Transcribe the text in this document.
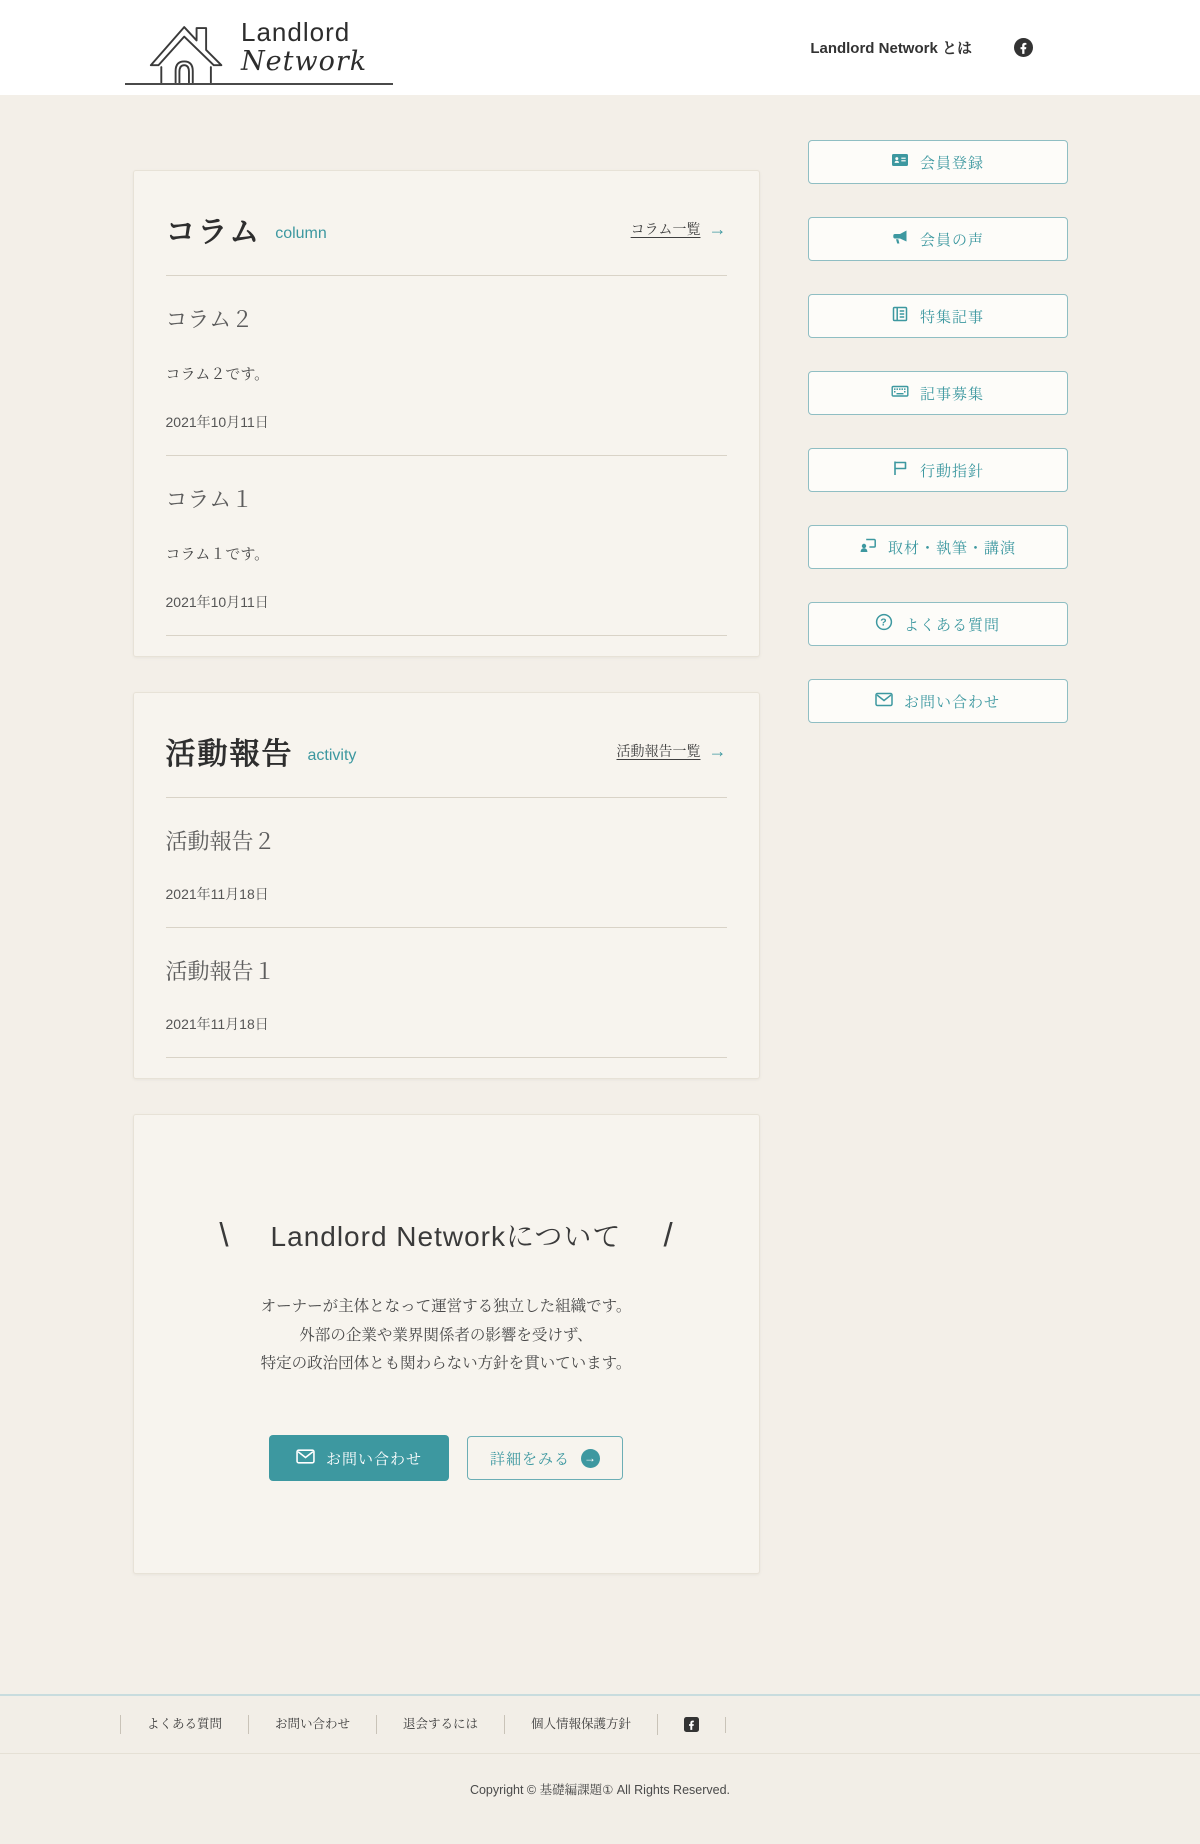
Landlord
Network	Landlord Network とは
コラム column	コラム一覧 →
コラム２

コラム２です。

2021年10月11日

コラム１

コラム１です。

2021年10月11日

活動報告 activity	活動報告一覧 →
活動報告２

2021年11月18日

活動報告１

2021年11月18日

\ Landlord Networkについて /

オーナーが主体となって運営する独立した組織です。

外部の企業や業界関係者の影響を受けず、

特定の政治団体とも関わらない方針を貫いています。

お問い合わせ	詳細をみる →
会員登録
会員の声
特集記事
記事募集
行動指針
取材・執筆・講演
? よくある質問
お問い合わせ
よくある質問	お問い合わせ	退会するには	個人情報保護方針
Copyright © 基礎編課題① All Rights Reserved.
